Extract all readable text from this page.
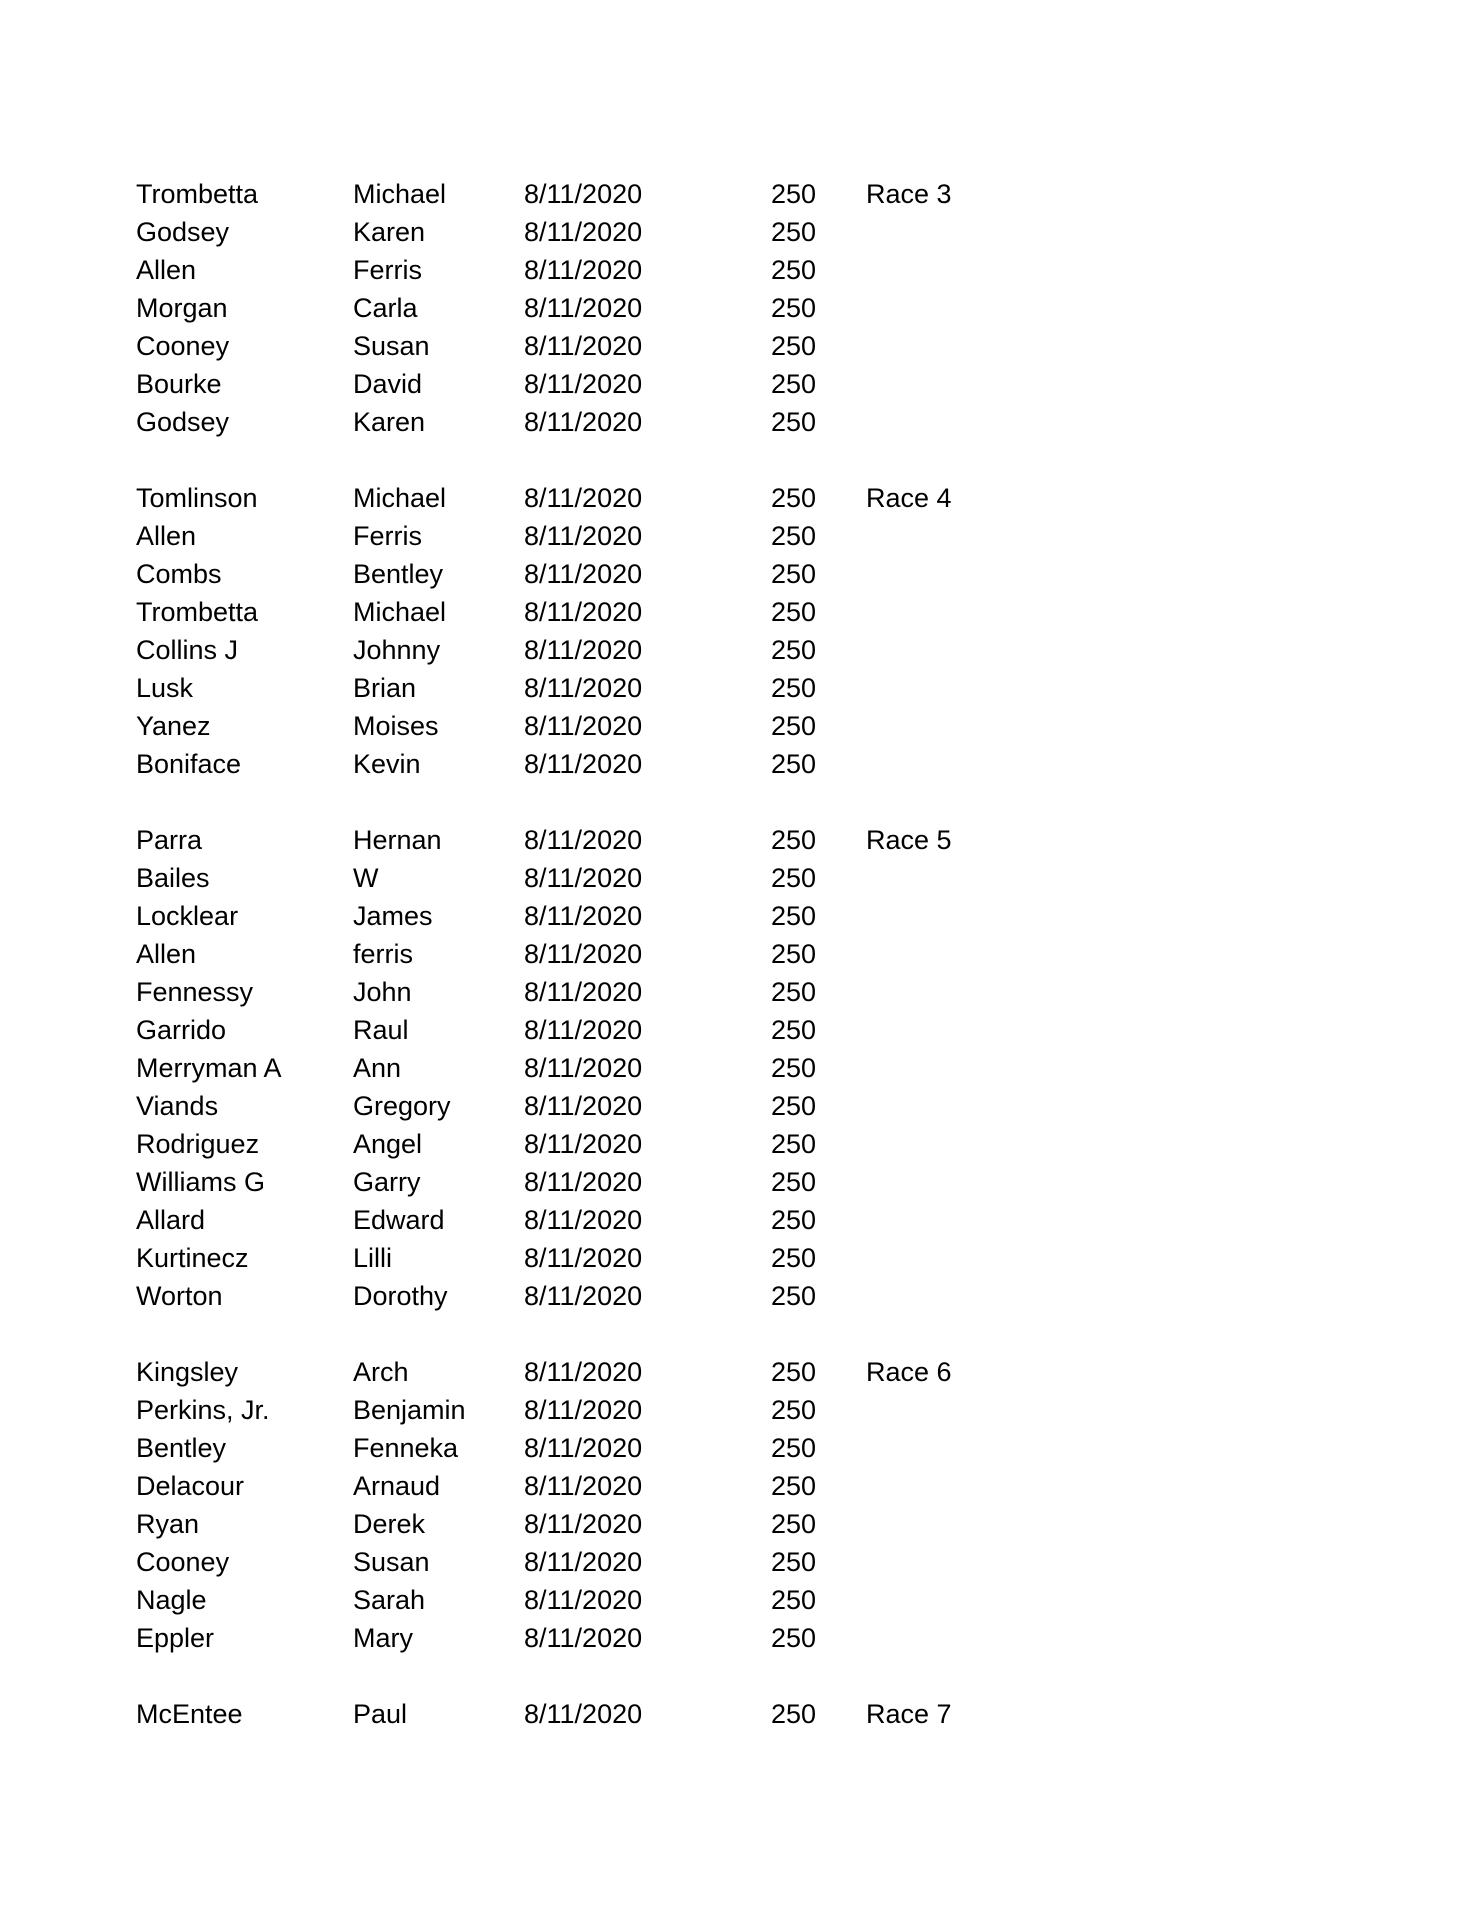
Trombetta	Michael	8/11/2020	250 Race 3
Godsey	Karen	8/11/2020	250
Allen	Ferris	8/11/2020	250
Morgan	Carla	8/11/2020	250
Cooney	Susan	8/11/2020	250
Bourke	David	8/11/2020	250
Godsey	Karen	8/11/2020	250
Tomlinson	Michael	8/11/2020	250 Race 4
Allen	Ferris	8/11/2020	250
Combs	Bentley	8/11/2020	250
Trombetta	Michael	8/11/2020	250
Collins J	Johnny	8/11/2020	250
Lusk	Brian	8/11/2020	250
Yanez	Moises	8/11/2020	250
Boniface	Kevin	8/11/2020	250
Parra	Hernan	8/11/2020	250 Race 5
Bailes	W	8/11/2020	250
Locklear	James	8/11/2020	250
Allen	ferris	8/11/2020	250
Fennessy	John	8/11/2020	250
Garrido	Raul	8/11/2020	250
Merryman A	Ann	8/11/2020	250
Viands	Gregory	8/11/2020	250
Rodriguez	Angel	8/11/2020	250
Williams G	Garry	8/11/2020	250
Allard	Edward	8/11/2020	250
Kurtinecz	Lilli	8/11/2020	250
Worton	Dorothy	8/11/2020	250
Kingsley	Arch	8/11/2020	250 Race 6
Perkins, Jr.	Benjamin 8/11/2020	250
Bentley	Fenneka 8/11/2020	250
Delacour	Arnaud	8/11/2020	250
Ryan	Derek	8/11/2020	250
Cooney	Susan	8/11/2020	250
Nagle	Sarah	8/11/2020	250
Eppler	Mary	8/11/2020	250
McEntee	Paul	8/11/2020	250 Race 7
